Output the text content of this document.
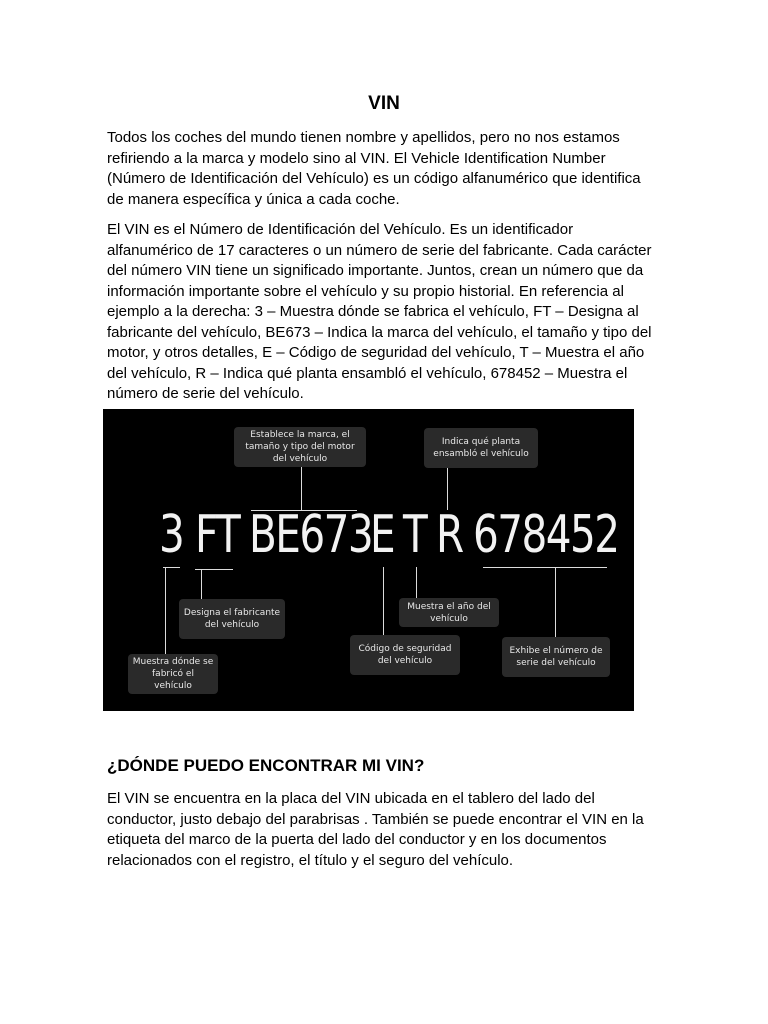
VIN

Todos los coches del mundo tienen nombre y apellidos, pero no nos estamos refiriendo a la marca y modelo sino al VIN. El Vehicle Identification Number (Número de Identificación del Vehículo) es un código alfanumérico que identifica de manera específica y única a cada coche.

El VIN es el Número de Identificación del Vehículo. Es un identificador alfanumérico de 17 caracteres o un número de serie del fabricante. Cada carácter del número VIN tiene un significado importante. Juntos, crean un número que da información importante sobre el vehículo y su propio historial. En referencia al ejemplo a la derecha: 3 – Muestra dónde se fabrica el vehículo, FT – Designa al fabricante del vehículo, BE673 – Indica la marca del vehículo, el tamaño y tipo del motor, y otros detalles, E – Código de seguridad del vehículo, T – Muestra el año del vehículo, R – Indica qué planta ensambló el vehículo, 678452 – Muestra el número de serie del vehículo.

3 FT BE673
E T R 678452
Establece la marca, el tamaño y tipo del motor del vehículo
Indica qué planta ensambló el vehículo
Designa el fabricante del vehículo
Muestra el año del vehículo
Código de seguridad del vehículo
Exhibe el número de serie del vehículo
Muestra dónde se fabricó el vehículo
¿DÓNDE PUEDO ENCONTRAR MI VIN?

El VIN se encuentra en la placa del VIN ubicada en el tablero del lado del conductor, justo debajo del parabrisas . También se puede encontrar el VIN en la etiqueta del marco de la puerta del lado del conductor y en los documentos relacionados con el registro, el título y el seguro del vehículo.
